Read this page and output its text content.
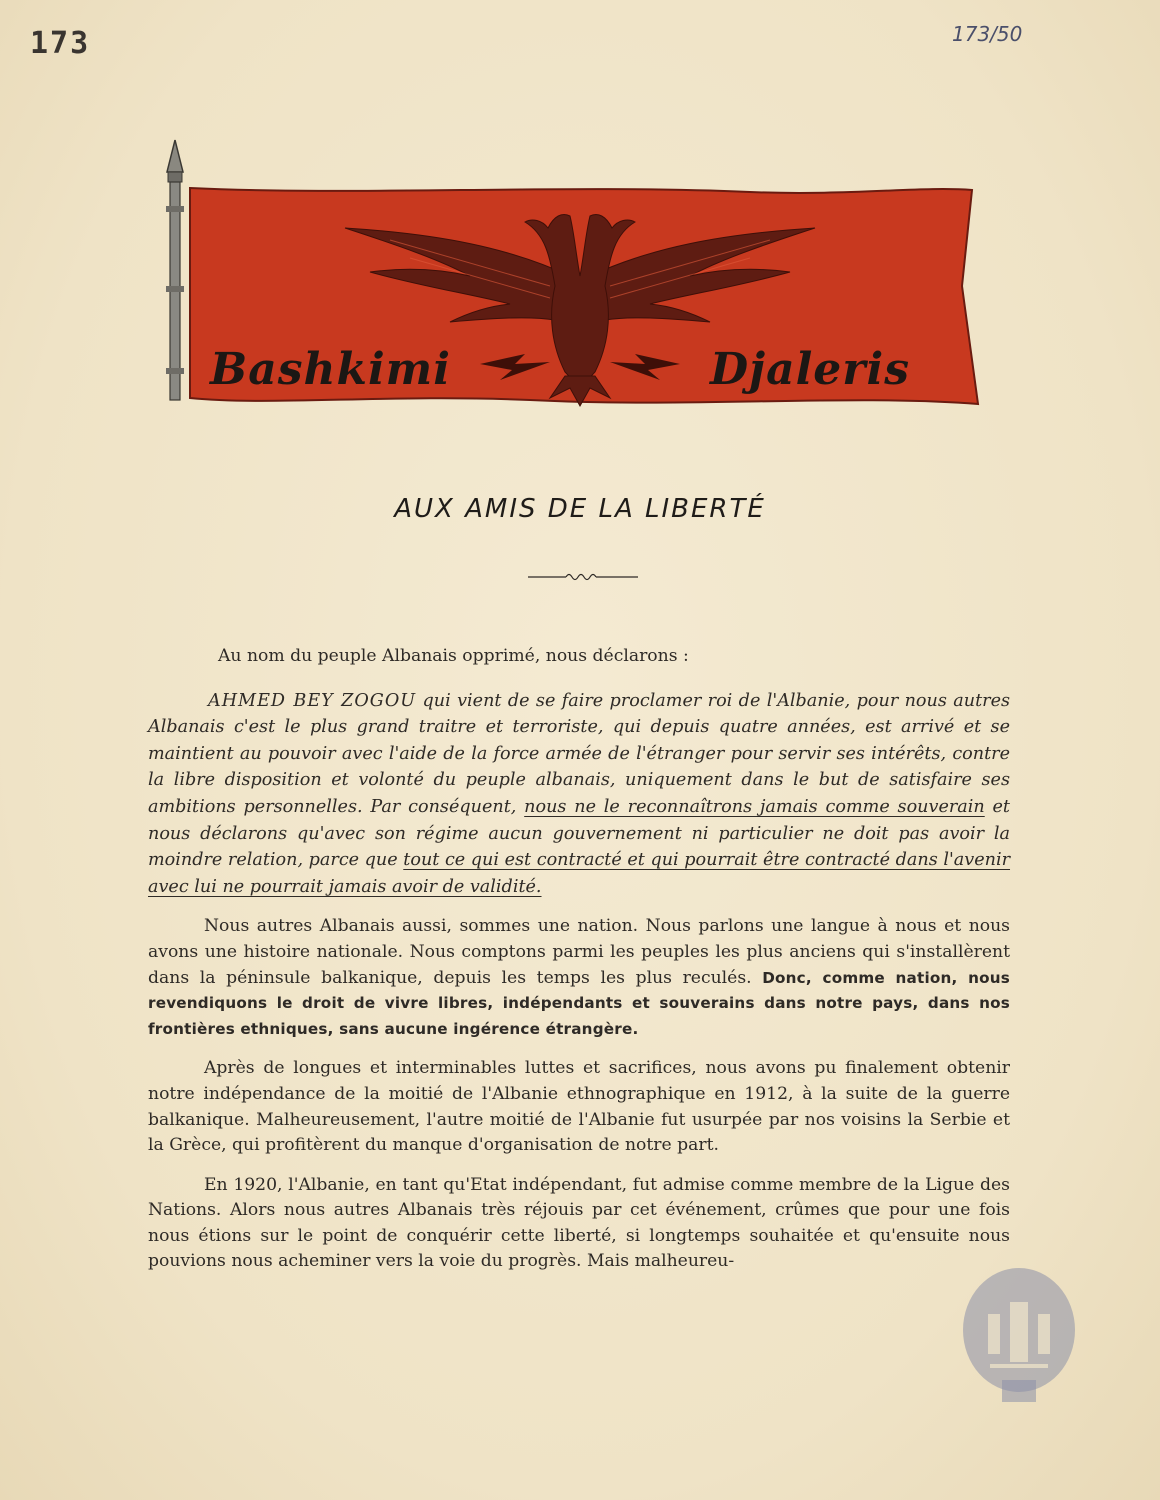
173	173/50
Bashkimi	Djaleris
AUX AMIS DE LA LIBERTÉ

Au nom du peuple Albanais opprimé, nous déclarons :

AHMED BEY ZOGOU qui vient de se faire proclamer roi de l'Albanie, pour nous autres Albanais c'est le plus grand traitre et terroriste, qui depuis quatre années, est arrivé et se maintient au pouvoir avec l'aide de la force armée de l'étranger pour servir ses intérêts, contre la libre disposition et volonté du peuple albanais, uniquement dans le but de satisfaire ses ambitions personnelles. Par conséquent, nous ne le reconnaîtrons jamais comme souverain et nous déclarons qu'avec son régime aucun gouvernement ni particulier ne doit pas avoir la moindre relation, parce que tout ce qui est contracté et qui pourrait être contracté dans l'avenir avec lui ne pourrait jamais avoir de validité.

Nous autres Albanais aussi, sommes une nation. Nous parlons une langue à nous et nous avons une histoire nationale. Nous comptons parmi les peuples les plus anciens qui s'installèrent dans la péninsule balkanique, depuis les temps les plus reculés. Donc, comme nation, nous revendiquons le droit de vivre libres, indépendants et souverains dans notre pays, dans nos frontières ethniques, sans aucune ingérence étrangère.

Après de longues et interminables luttes et sacrifices, nous avons pu finalement obtenir notre indépendance de la moitié de l'Albanie ethnographique en 1912, à la suite de la guerre balkanique. Malheureusement, l'autre moitié de l'Albanie fut usurpée par nos voisins la Serbie et la Grèce, qui profitèrent du manque d'organisation de notre part.

En 1920, l'Albanie, en tant qu'Etat indépendant, fut admise comme membre de la Ligue des Nations. Alors nous autres Albanais très réjouis par cet événement, crûmes que pour une fois nous étions sur le point de conquérir cette liberté, si longtemps souhaitée et qu'ensuite nous pouvions nous acheminer vers la voie du progrès. Mais malheureu-
